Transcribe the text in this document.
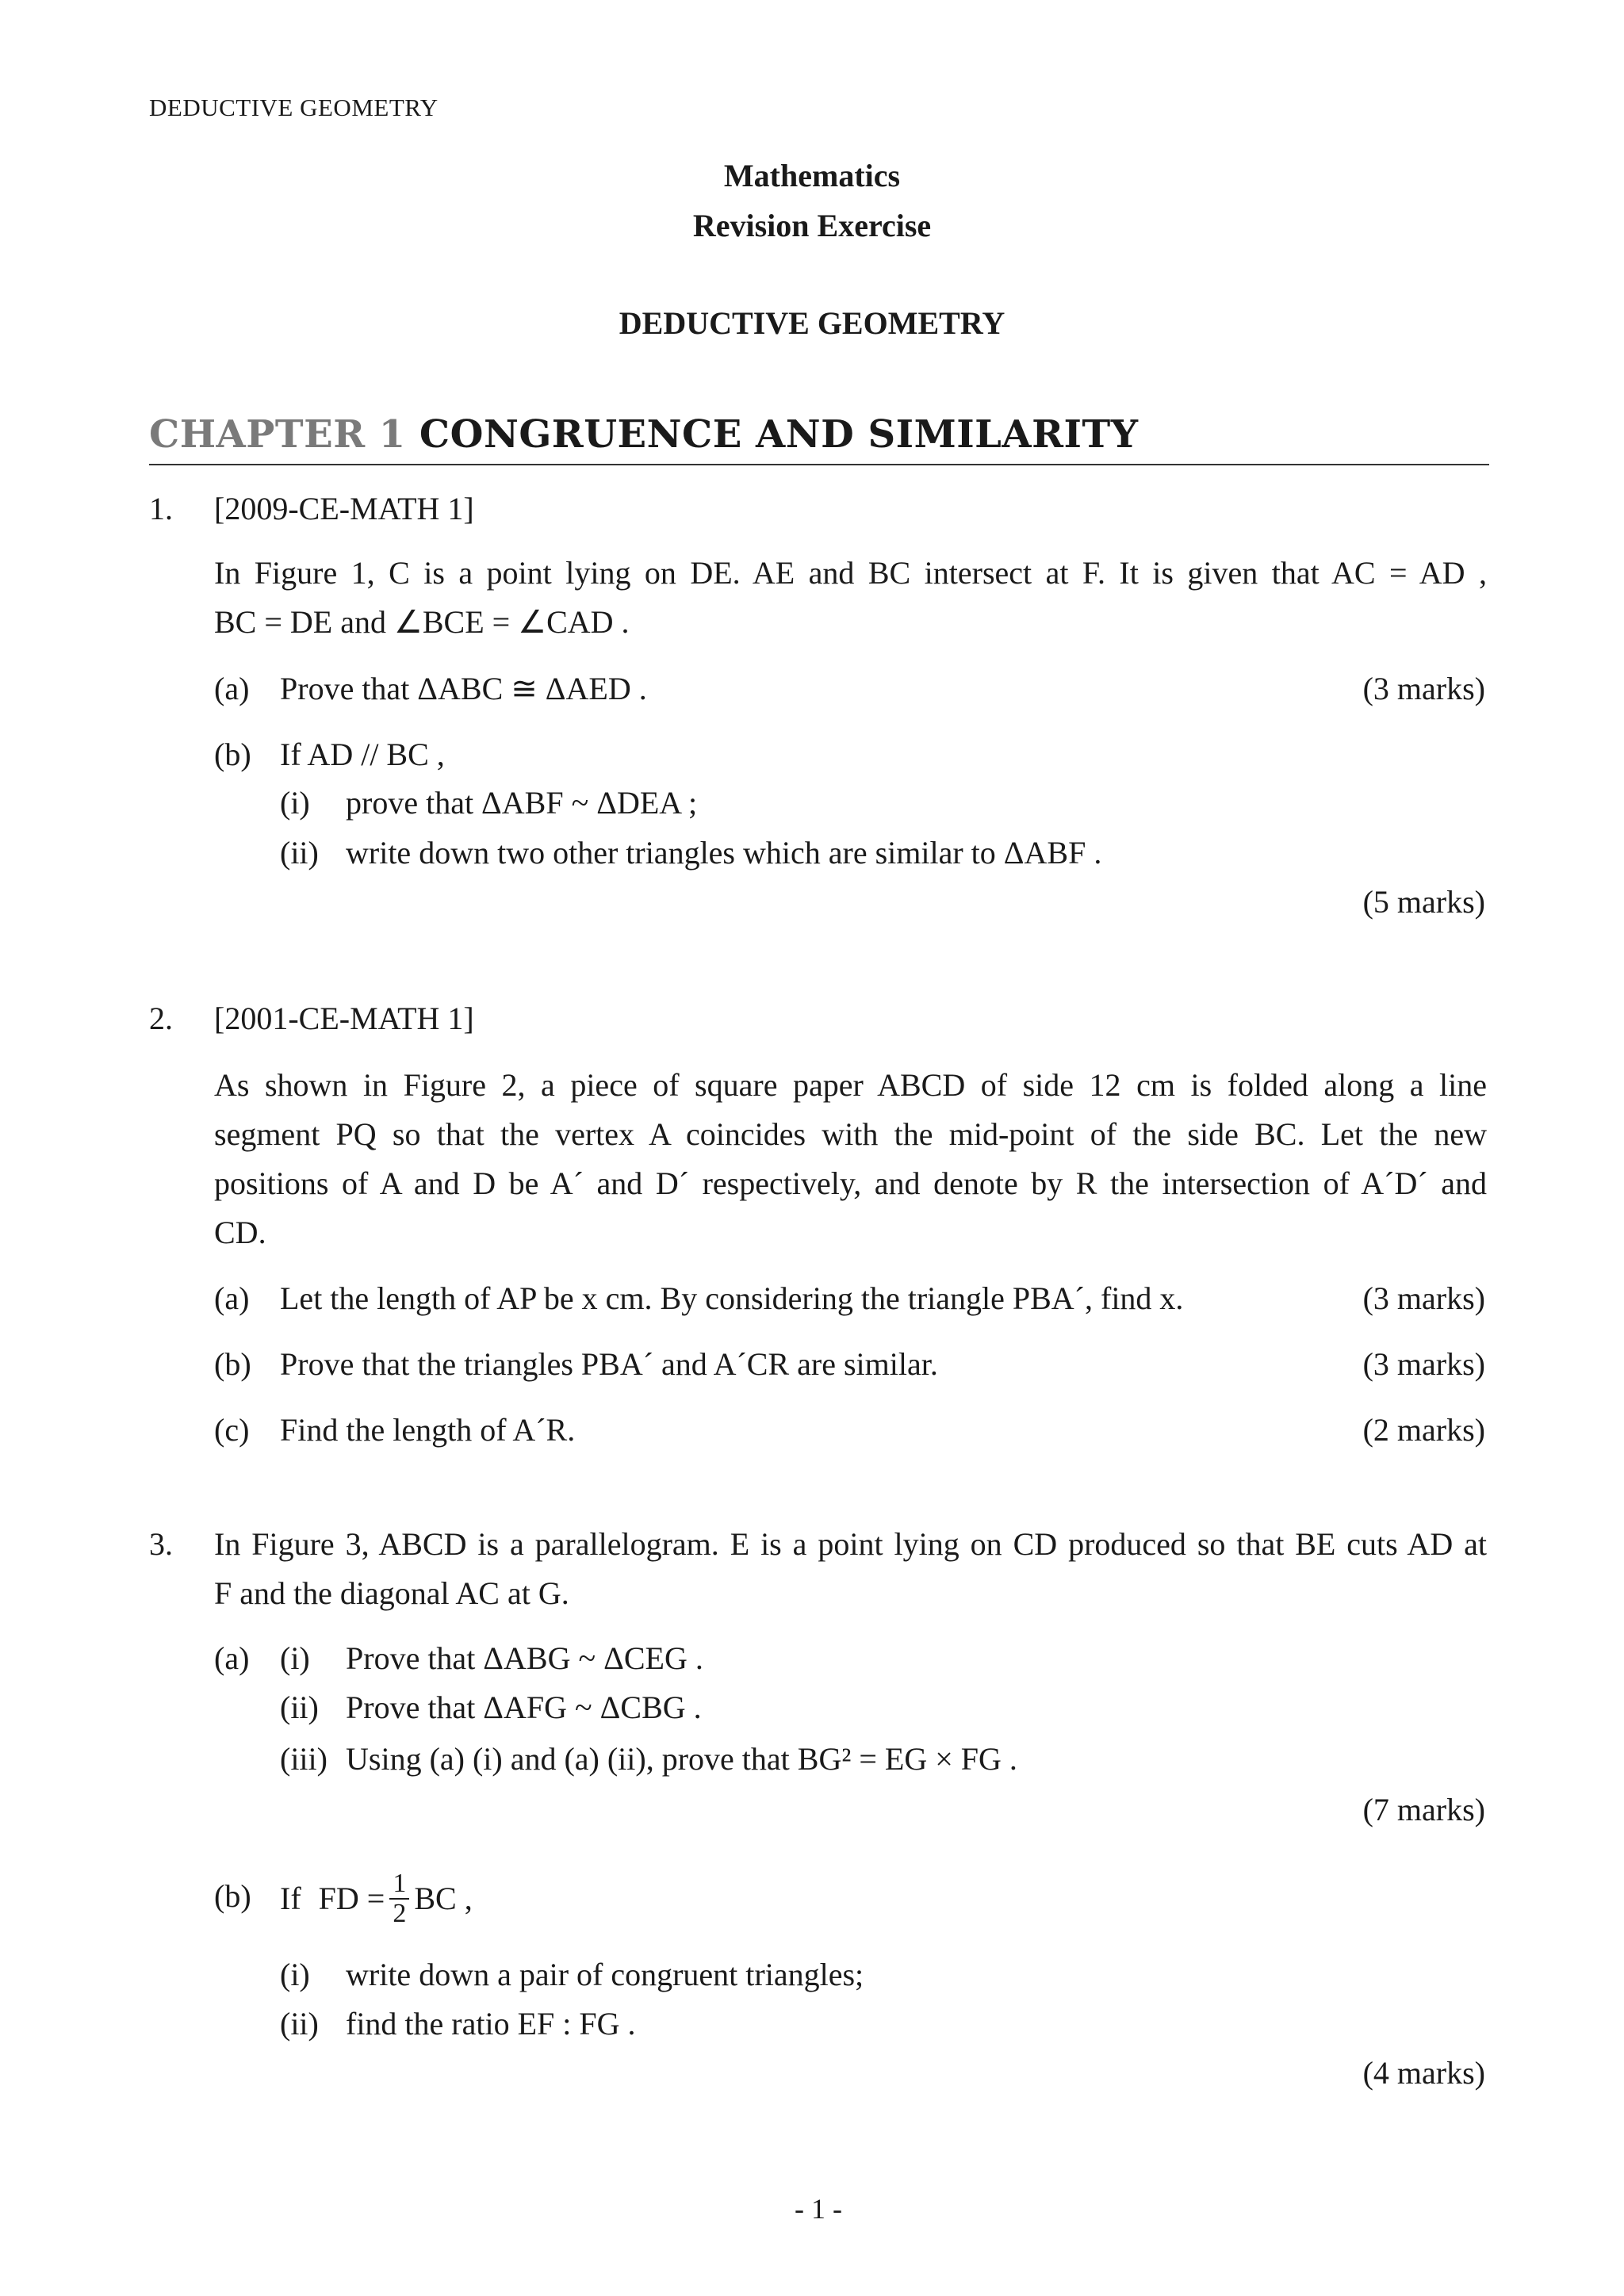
DEDUCTIVE GEOMETRY
Mathematics
Revision Exercise
DEDUCTIVE GEOMETRY
CHAPTER 1 CONGRUENCE AND SIMILARITY
1. [2009-CE-MATH 1]
In Figure 1, C is a point lying on DE. AE and BC intersect at F. It is given that AC = AD ,
BC = DE and ∠BCE = ∠CAD .
(a) Prove that ΔABC ≅ ΔAED .	(3 marks)
(b) If AD // BC ,
(i) prove that ΔABF ~ ΔDEA ;
(ii) write down two other triangles which are similar to ΔABF .
(5 marks)
2. [2001-CE-MATH 1]
As shown in Figure 2, a piece of square paper ABCD of side 12 cm is folded along a line
segment PQ so that the vertex A coincides with the mid-point of the side BC. Let the new
positions of A and D be A´ and D´ respectively, and denote by R the intersection of A´D´ and
CD.
(a) Let the length of AP be x cm. By considering the triangle PBA´, find x.	(3 marks)
(b) Prove that the triangles PBA´ and A´CR are similar.	(3 marks)
(c) Find the length of A´R.	(2 marks)
3. In Figure 3, ABCD is a parallelogram. E is a point lying on CD produced so that BE cuts AD at
F and the diagonal AC at G.
(a) (i) Prove that ΔABG ~ ΔCEG .
(ii) Prove that ΔAFG ~ ΔCBG .
(iii) Using (a) (i) and (a) (ii), prove that BG² = EG × FG .
(7 marks)
(b) If FD = $\frac{1}{2}$ BC ,
(i) write down a pair of congruent triangles;
(ii) find the ratio EF : FG .
(4 marks)
- 1 -
